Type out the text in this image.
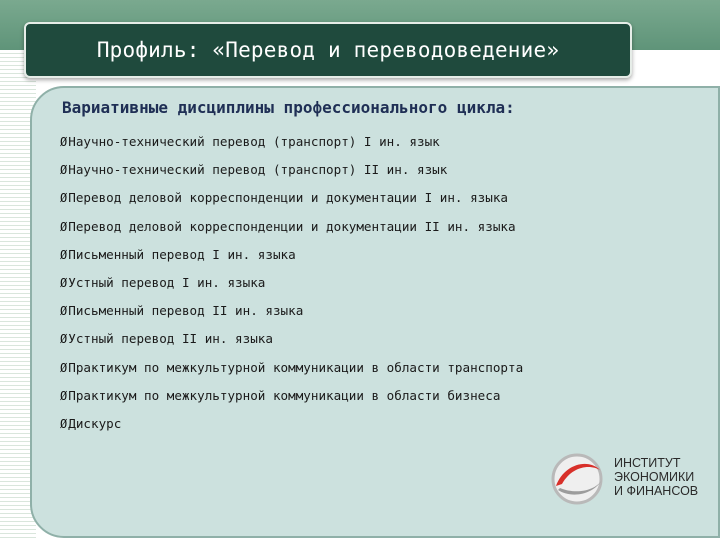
Профиль: «Перевод и переводоведение»
Вариативные дисциплины профессионального цикла:
Ø Научно-технический перевод (транспорт) I ин. язык
Ø Научно-технический перевод (транспорт) II ин. язык
Ø Перевод деловой корреспонденции и документации I ин. языка
Ø Перевод деловой корреспонденции и документации II ин. языка
Ø Письменный перевод I ин. языка
Ø Устный перевод I ин. языка
Ø Письменный перевод II ин. языка
Ø Устный перевод II ин. языка
Ø Практикум по межкультурной коммуникации в области транспорта
Ø Практикум по межкультурной коммуникации в области бизнеса
Ø Дискурс
ИНСТИТУТ
ЭКОНОМИКИ
И ФИНАНСОВ
